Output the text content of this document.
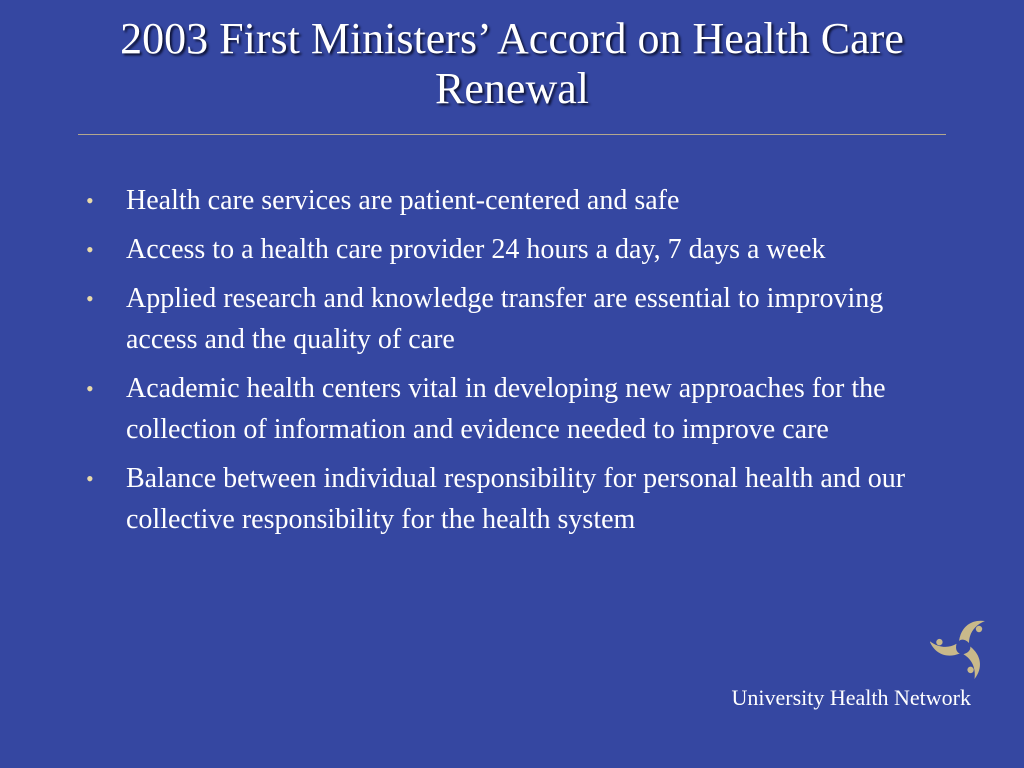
2003 First Ministers’ Accord on Health Care Renewal
•	Health care services are patient-centered and safe
•	Access to a health care provider 24 hours a day, 7 days a week
•	Applied research and knowledge transfer are essential to improving access and the quality of care
•	Academic health centers vital in developing new approaches for the collection of information and evidence needed to improve care
•	Balance between individual responsibility for personal health and our collective responsibility for the health system
University Health Network
